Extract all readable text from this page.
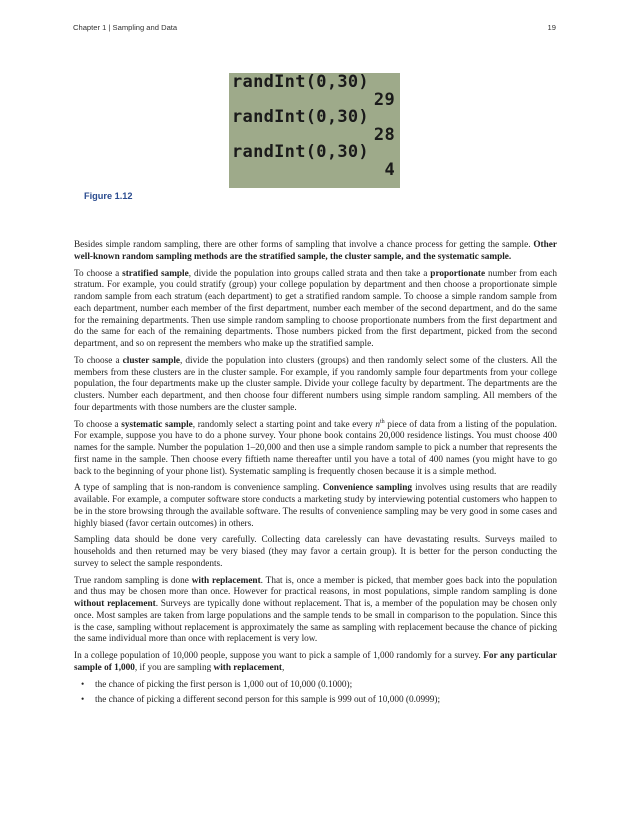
Chapter 1 | Sampling and Data	19
randInt(0,30)
29
randInt(0,30)
28
randInt(0,30)
4
Figure 1.12

Besides simple random sampling, there are other forms of sampling that involve a chance process for getting the sample. Other well-known random sampling methods are the stratified sample, the cluster sample, and the systematic sample.

To choose a stratified sample, divide the population into groups called strata and then take a proportionate number from each stratum. For example, you could stratify (group) your college population by department and then choose a proportionate simple random sample from each stratum (each department) to get a stratified random sample. To choose a simple random sample from each department, number each member of the first department, number each member of the second department, and do the same for the remaining departments. Then use simple random sampling to choose proportionate numbers from the first department and do the same for each of the remaining departments. Those numbers picked from the first department, picked from the second department, and so on represent the members who make up the stratified sample.

To choose a cluster sample, divide the population into clusters (groups) and then randomly select some of the clusters. All the members from these clusters are in the cluster sample. For example, if you randomly sample four departments from your college population, the four departments make up the cluster sample. Divide your college faculty by department. The departments are the clusters. Number each department, and then choose four different numbers using simple random sampling. All members of the four departments with those numbers are the cluster sample.

To choose a systematic sample, randomly select a starting point and take every $n^{th}$ piece of data from a listing of the population. For example, suppose you have to do a phone survey. Your phone book contains 20,000 residence listings. You must choose 400 names for the sample. Number the population 1–20,000 and then use a simple random sample to pick a number that represents the first name in the sample. Then choose every fiftieth name thereafter until you have a total of 400 names (you might have to go back to the beginning of your phone list). Systematic sampling is frequently chosen because it is a simple method.

A type of sampling that is non-random is convenience sampling. Convenience sampling involves using results that are readily available. For example, a computer software store conducts a marketing study by interviewing potential customers who happen to be in the store browsing through the available software. The results of convenience sampling may be very good in some cases and highly biased (favor certain outcomes) in others.

Sampling data should be done very carefully. Collecting data carelessly can have devastating results. Surveys mailed to households and then returned may be very biased (they may favor a certain group). It is better for the person conducting the survey to select the sample respondents.

True random sampling is done with replacement. That is, once a member is picked, that member goes back into the population and thus may be chosen more than once. However for practical reasons, in most populations, simple random sampling is done without replacement. Surveys are typically done without replacement. That is, a member of the population may be chosen only once. Most samples are taken from large populations and the sample tends to be small in comparison to the population. Since this is the case, sampling without replacement is approximately the same as sampling with replacement because the chance of picking the same individual more than once with replacement is very low.

In a college population of 10,000 people, suppose you want to pick a sample of 1,000 randomly for a survey. For any particular sample of 1,000, if you are sampling with replacement,

• the chance of picking the first person is 1,000 out of 10,000 (0.1000);
• the chance of picking a different second person for this sample is 999 out of 10,000 (0.0999);
